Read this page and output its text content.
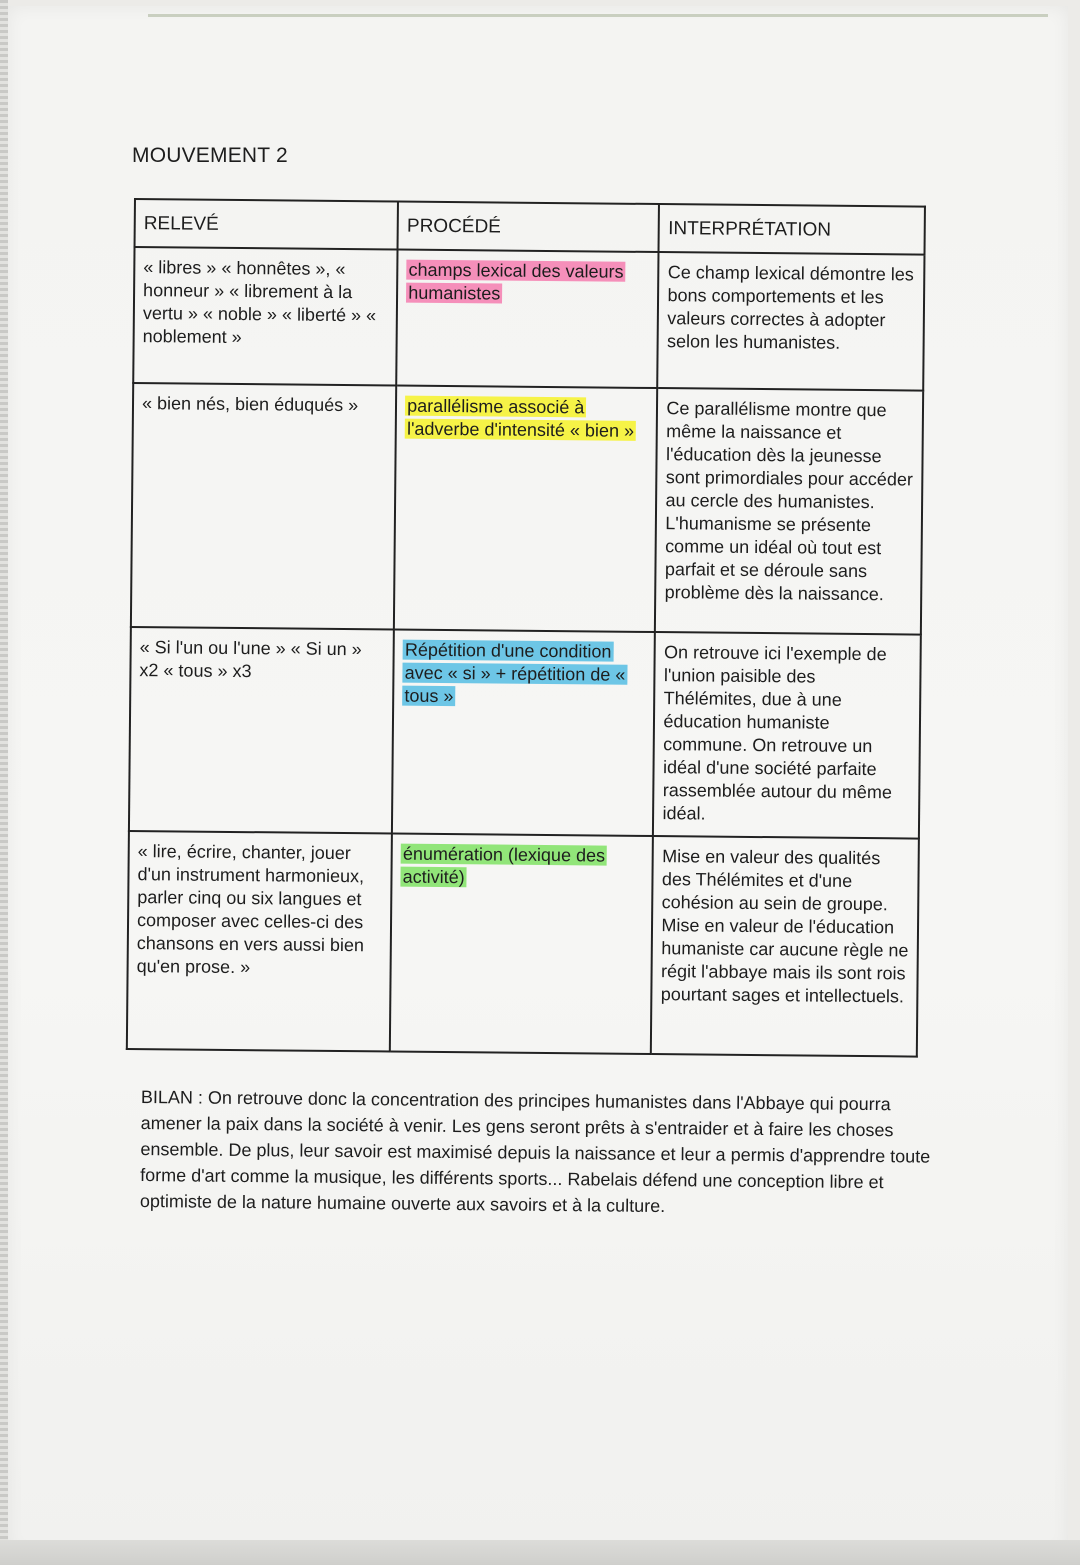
MOUVEMENT 2
RELEVÉ	PROCÉDÉ	INTERPRÉTATION
« libres » « honnêtes », « honneur » « librement à la vertu » « noble » « liberté » « noblement »	champs lexical des valeurs humanistes	Ce champ lexical démontre les bons comportements et les valeurs correctes à adopter selon les humanistes.
« bien nés, bien éduqués »	parallélisme associé à l'adverbe d'intensité « bien »	Ce parallélisme montre que même la naissance et l'éducation dès la jeunesse sont primordiales pour accéder au cercle des humanistes. L'humanisme se présente comme un idéal où tout est parfait et se déroule sans problème dès la naissance.
« Si l'un ou l'une » « Si un » x2 « tous » x3	Répétition d'une condition avec « si » + répétition de « tous »	On retrouve ici l'exemple de l'union paisible des Thélémites, due à une éducation humaniste commune. On retrouve un idéal d'une société parfaite rassemblée autour du même idéal.
« lire, écrire, chanter, jouer d'un instrument harmonieux, parler cinq ou six langues et composer avec celles-ci des chansons en vers aussi bien qu'en prose. »	énumération (lexique des activité)	Mise en valeur des qualités des Thélémites et d'une cohésion au sein de groupe. Mise en valeur de l'éducation humaniste car aucune règle ne régit l'abbaye mais ils sont rois pourtant sages et intellectuels.
BILAN : On retrouve donc la concentration des principes humanistes dans l'Abbaye qui pourra amener la paix dans la société à venir. Les gens seront prêts à s'entraider et à faire les choses ensemble. De plus, leur savoir est maximisé depuis la naissance et leur a permis d'apprendre toute forme d'art comme la musique, les différents sports... Rabelais défend une conception libre et optimiste de la nature humaine ouverte aux savoirs et à la culture.
